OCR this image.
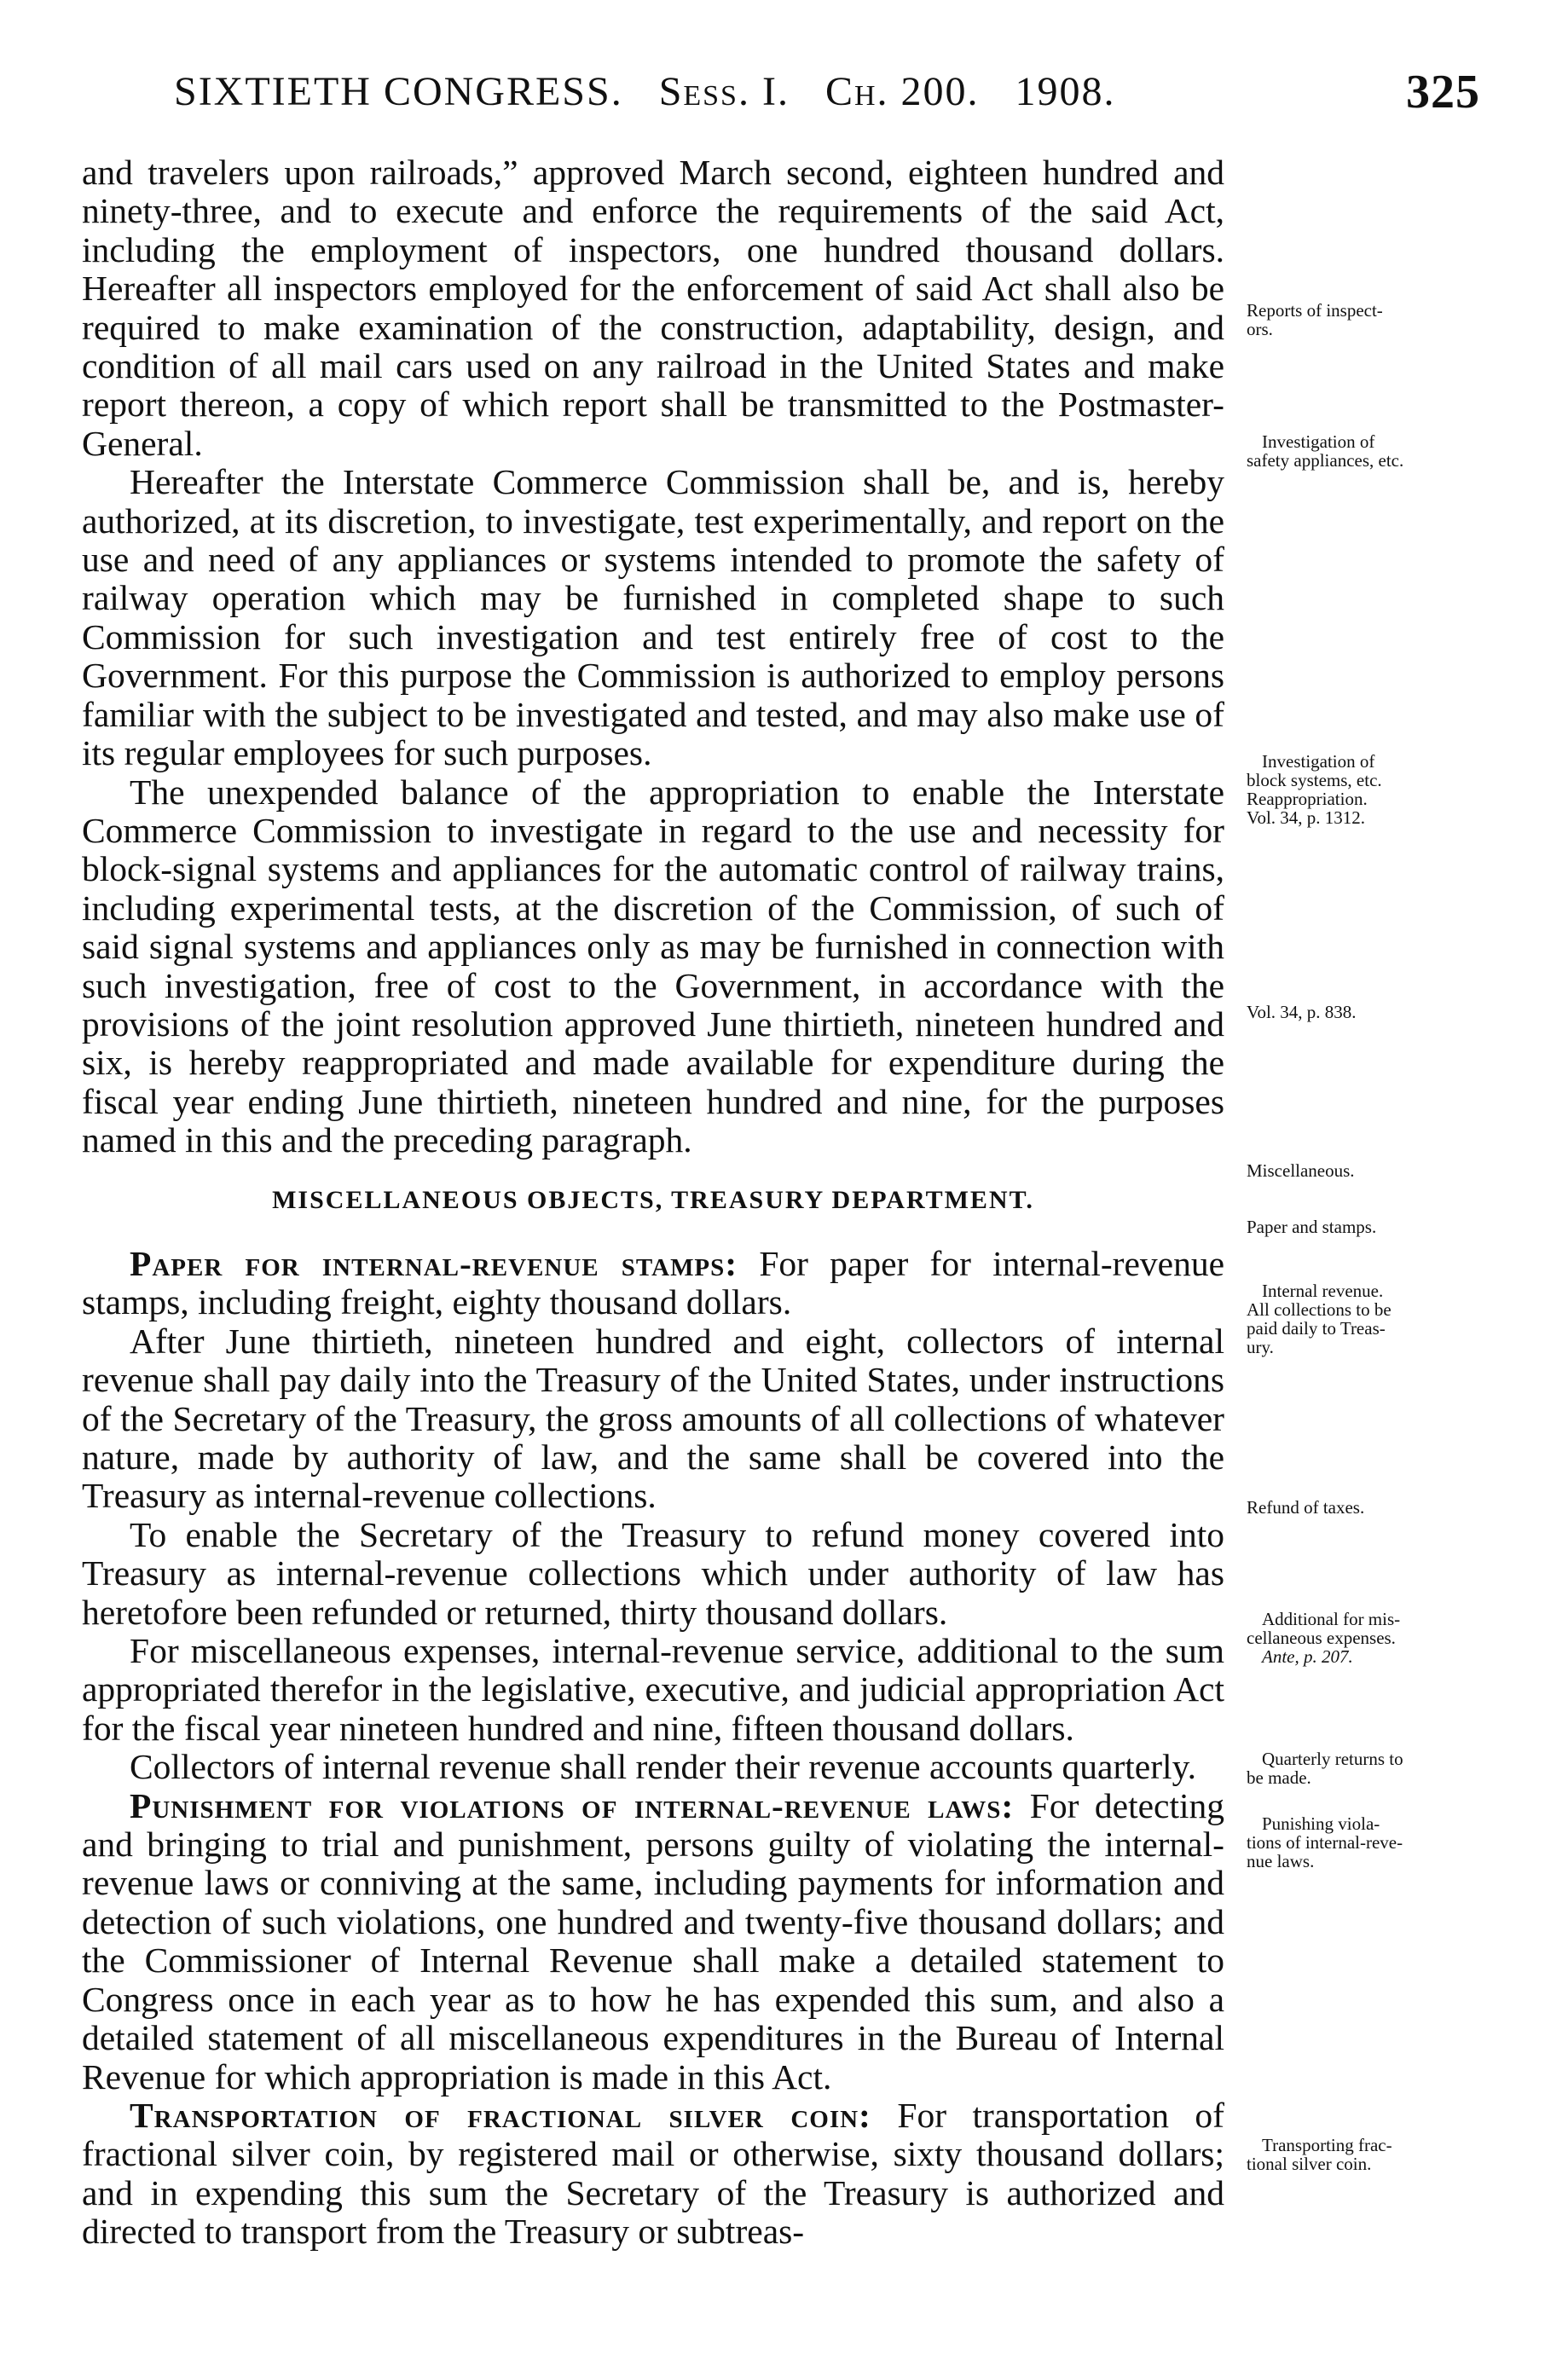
SIXTIETH CONGRESS. Sess. I. Ch. 200. 1908.	325

and travelers upon railroads,” approved March second, eighteen hundred and ninety-three, and to execute and enforce the requirements of the said Act, including the employment of inspectors, one hundred thousand dollars. Hereafter all inspectors employed for the enforcement of said Act shall also be required to make examination of the construction, adaptability, design, and condition of all mail cars used on any railroad in the United States and make report thereon, a copy of which report shall be transmitted to the Postmaster-General.

Hereafter the Interstate Commerce Commission shall be, and is, hereby authorized, at its discretion, to investigate, test experimentally, and report on the use and need of any appliances or systems intended to promote the safety of railway operation which may be furnished in completed shape to such Commission for such investigation and test entirely free of cost to the Government. For this purpose the Commission is authorized to employ persons familiar with the subject to be investigated and tested, and may also make use of its regular employees for such purposes.

The unexpended balance of the appropriation to enable the Interstate Commerce Commission to investigate in regard to the use and necessity for block-signal systems and appliances for the automatic control of railway trains, including experimental tests, at the discretion of the Commission, of such of said signal systems and appliances only as may be furnished in connection with such investigation, free of cost to the Government, in accordance with the provisions of the joint resolution approved June thirtieth, nineteen hundred and six, is hereby reappropriated and made available for expenditure during the fiscal year ending June thirtieth, nineteen hundred and nine, for the purposes named in this and the preceding paragraph.

MISCELLANEOUS OBJECTS, TREASURY DEPARTMENT.

Paper for internal-revenue stamps: For paper for internal-revenue stamps, including freight, eighty thousand dollars.

After June thirtieth, nineteen hundred and eight, collectors of internal revenue shall pay daily into the Treasury of the United States, under instructions of the Secretary of the Treasury, the gross amounts of all collections of whatever nature, made by authority of law, and the same shall be covered into the Treasury as internal-revenue collections.

To enable the Secretary of the Treasury to refund money covered into Treasury as internal-revenue collections which under authority of law has heretofore been refunded or returned, thirty thousand dollars.

For miscellaneous expenses, internal-revenue service, additional to the sum appropriated therefor in the legislative, executive, and judicial appropriation Act for the fiscal year nineteen hundred and nine, fifteen thousand dollars.

Collectors of internal revenue shall render their revenue accounts quarterly.

Punishment for violations of internal-revenue laws: For detecting and bringing to trial and punishment, persons guilty of violating the internal-revenue laws or conniving at the same, including payments for information and detection of such violations, one hundred and twenty-five thousand dollars; and the Commissioner of Internal Revenue shall make a detailed statement to Congress once in each year as to how he has expended this sum, and also a detailed statement of all miscellaneous expenditures in the Bureau of Internal Revenue for which appropriation is made in this Act.

Transportation of fractional silver coin: For transportation of fractional silver coin, by registered mail or otherwise, sixty thousand dollars; and in expending this sum the Secretary of the Treasury is authorized and directed to transport from the Treasury or subtreas-

Reports of inspect-
ors.
Investigation of
safety appliances, etc.
Investigation of
block systems, etc.
Reappropriation.
Vol. 34, p. 1312.
Vol. 34, p. 838.
Miscellaneous.
Paper and stamps.
Internal revenue.
All collections to be
paid daily to Treas-
ury.
Refund of taxes.
Additional for mis-
cellaneous expenses.
Ante, p. 207.
Quarterly returns to
be made.
Punishing viola-
tions of internal-reve-
nue laws.
Transporting frac-
tional silver coin.
